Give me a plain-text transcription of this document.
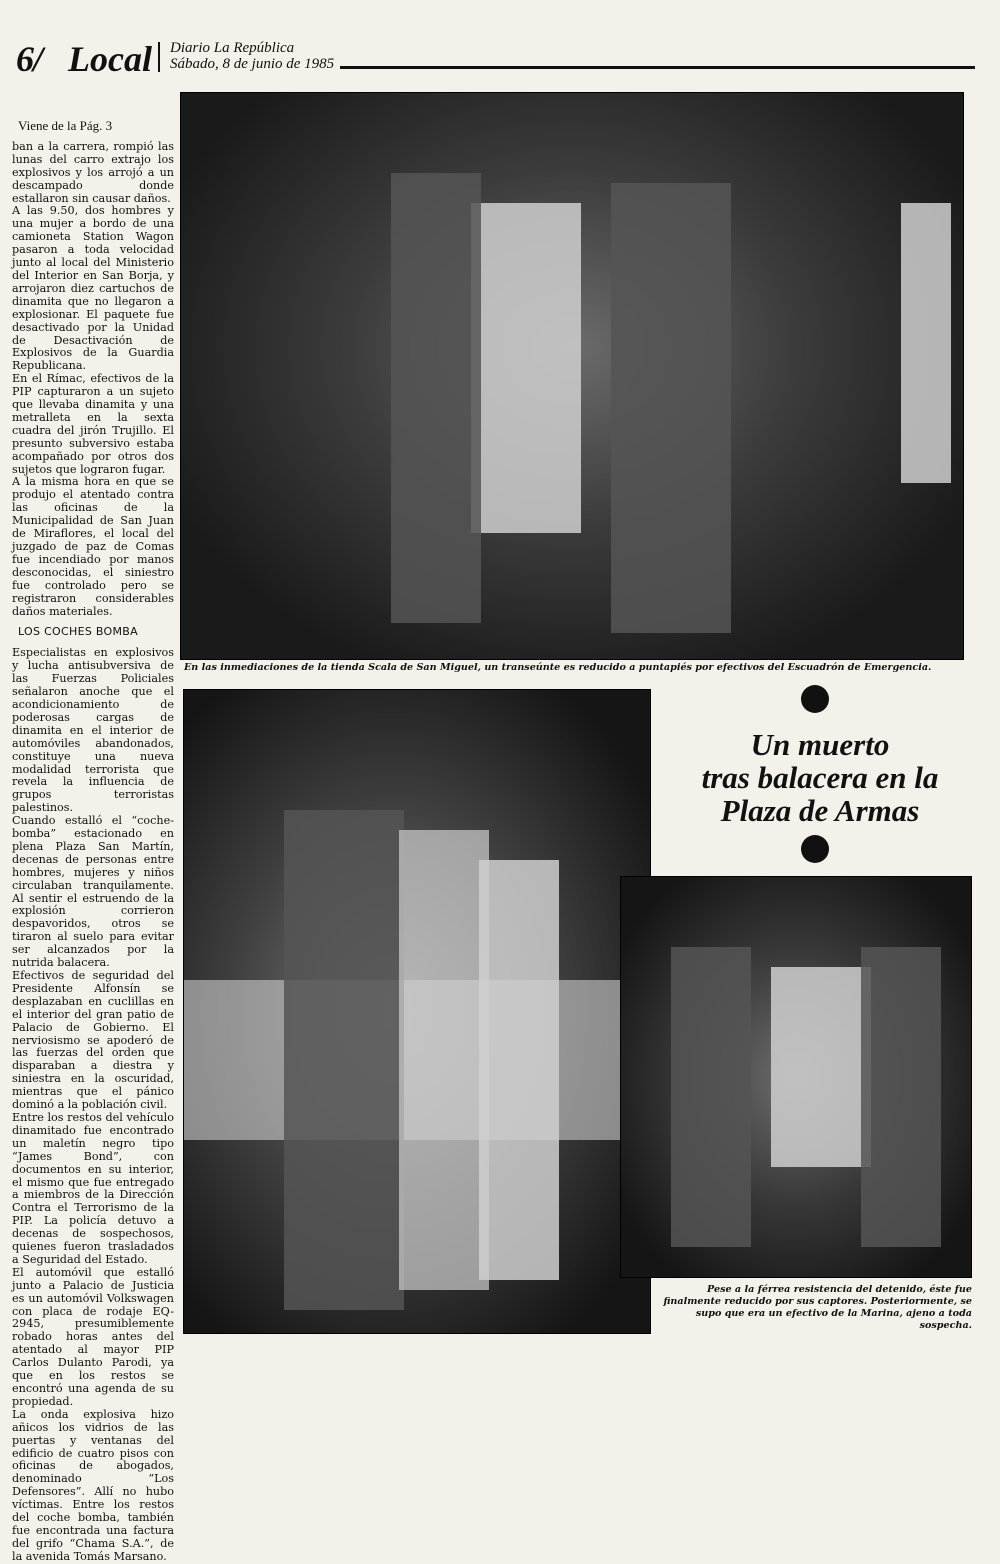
6/ Local Diario La República
Sábado, 8 de junio de 1985
Viene de la Pág. 3

ban a la carrera, rompió las lunas del carro extrajo los explosivos y los arrojó a un descampado donde estallaron sin causar daños.

A las 9.50, dos hombres y una mujer a bordo de una camioneta Station Wagon pasaron a toda velocidad junto al local del Ministerio del Interior en San Borja, y arrojaron diez cartuchos de dinamita que no llegaron a explosionar. El paquete fue desactivado por la Unidad de Desactivación de Explosivos de la Guardia Republicana.

En el Rímac, efectivos de la PIP capturaron a un sujeto que llevaba dinamita y una metralleta en la sexta cuadra del jirón Trujillo. El presunto subversivo estaba acompañado por otros dos sujetos que lograron fugar.

A la misma hora en que se produjo el atentado contra las oficinas de la Municipalidad de San Juan de Miraflores, el local del juzgado de paz de Comas fue incendiado por manos desconocidas, el siniestro fue controlado pero se registraron considerables daños materiales.

LOS COCHES BOMBA

Especialistas en explosivos y lucha antisubversiva de las Fuerzas Policiales señalaron anoche que el acondicionamiento de poderosas cargas de dinamita en el interior de automóviles abandonados, constituye una nueva modalidad terrorista que revela la influencia de grupos terroristas palestinos.

Cuando estalló el “coche-bomba” estacionado en plena Plaza San Martín, decenas de personas entre hombres, mujeres y niños circulaban tranquilamente. Al sentir el estruendo de la explosión corrieron despavoridos, otros se tiraron al suelo para evitar ser alcanzados por la nutrida balacera.

Efectivos de seguridad del Presidente Alfonsín se desplazaban en cuclillas en el interior del gran patio de Palacio de Gobierno. El nerviosismo se apoderó de las fuerzas del orden que disparaban a diestra y siniestra en la oscuridad, mientras que el pánico dominó a la población civil.

Entre los restos del vehículo dinamitado fue encontrado un maletín negro tipo “James Bond”, con documentos en su interior, el mismo que fue entregado a miembros de la Dirección Contra el Terrorismo de la PIP. La policía detuvo a decenas de sospechosos, quienes fueron trasladados a Seguridad del Estado.

El automóvil que estalló junto a Palacio de Justicia es un automóvil Volkswagen con placa de rodaje EQ-2945, presumiblemente robado horas antes del atentado al mayor PIP Carlos Dulanto Parodi, ya que en los restos se encontró una agenda de su propiedad.

La onda explosiva hizo añicos los vidrios de las puertas y ventanas del edificio de cuatro pisos con oficinas de abogados, denominado “Los Defensores”. Allí no hubo víctimas. Entre los restos del coche bomba, también fue encontrada una factura del grifo “Chama S.A.”, de la avenida Tomás Marsano.

En las inmediaciones de la tienda Scala de San Miguel, un transeúnte es reducido a puntapiés por efectivos del Escuadrón de Emergencia.
Pese a la férrea resistencia del detenido, éste fue finalmente reducido por sus captores. Posteriormente, se supo que era un efectivo de la Marina, ajeno a toda sospecha.
Un muerto
tras balacera en la
Plaza de Armas
